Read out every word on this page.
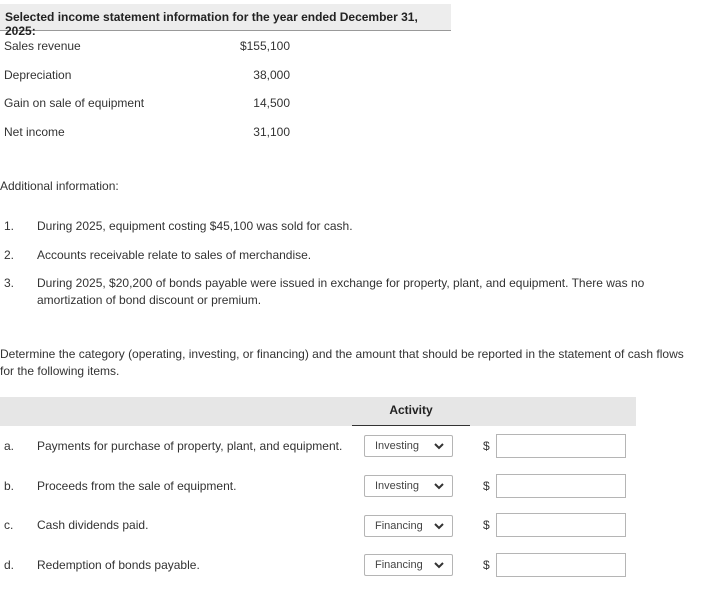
Selected income statement information for the year ended December 31, 2025:
Sales revenue	$155,100
Depreciation	38,000
Gain on sale of equipment	14,500
Net income	31,100
Additional information:
1. During 2025, equipment costing $45,100 was sold for cash.
2. Accounts receivable relate to sales of merchandise.
3. During 2025, $20,200 of bonds payable were issued in exchange for property, plant, and equipment. There was no amortization of bond discount or premium.
Determine the category (operating, investing, or financing) and the amount that should be reported in the statement of cash flows for the following items.
Activity
a. Payments for purchase of property, plant, and equipment.	Investing	$
b. Proceeds from the sale of equipment.	Investing	$
c. Cash dividends paid.	Financing	$
d. Redemption of bonds payable.	Financing	$
